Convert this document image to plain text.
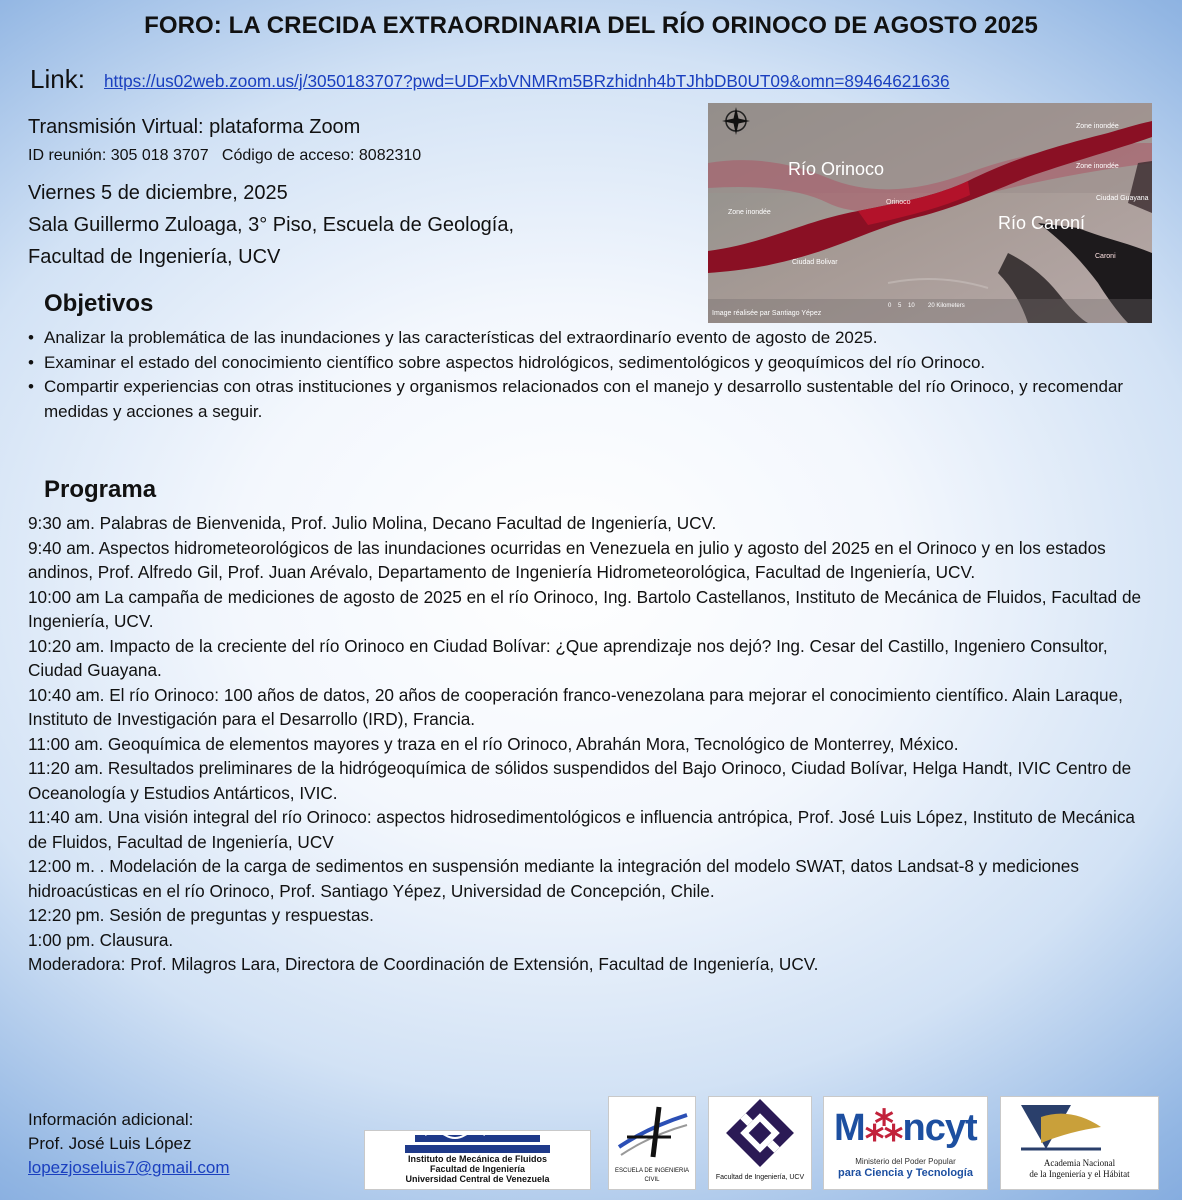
FORO: LA CRECIDA EXTRAORDINARIA DEL RÍO ORINOCO DE AGOSTO 2025
Link: https://us02web.zoom.us/j/3050183707?pwd=UDFxbVNMRm5BRzhidnh4bTJhbDB0UT09&omn=89464621636
Transmisión Virtual: plataforma Zoom
ID reunión: 305 018 3707   Código de acceso: 8082310
Viernes 5 de diciembre, 2025
Sala Guillermo Zuloaga, 3° Piso, Escuela de Geología,
Facultad de Ingeniería, UCV
Río Orinoco
Río Caroní
Zone inondée
Zone inondée
Zone inondée
Orinoco
Caroni
Ciudad Bolivar
Ciudad Guayana
Image réalisée par Santiago Yépez
0    5    10        20 Kilometers
Objetivos
• Analizar la problemática de las inundaciones y las características del extraordinarío evento de agosto de 2025.
• Examinar el estado del conocimiento científico sobre aspectos hidrológicos, sedimentológicos y geoquímicos del río Orinoco.
• Compartir experiencias con otras instituciones y organismos relacionados con el manejo y desarrollo sustentable del río Orinoco, y recomendar medidas y acciones a seguir.
Programa
9:30 am. Palabras de Bienvenida, Prof. Julio Molina, Decano Facultad de Ingeniería, UCV.
9:40 am. Aspectos hidrometeorológicos de las inundaciones ocurridas en Venezuela en julio y agosto del 2025 en el Orinoco y en los estados andinos, Prof. Alfredo Gil, Prof. Juan Arévalo, Departamento de Ingeniería Hidrometeorológica, Facultad de Ingeniería, UCV.
10:00 am La campaña de mediciones de agosto de 2025 en el río Orinoco, Ing. Bartolo Castellanos, Instituto de Mecánica de Fluidos, Facultad de Ingeniería, UCV.
10:20 am. Impacto de la creciente del río Orinoco en Ciudad Bolívar: ¿Que aprendizaje nos dejó? Ing. Cesar del Castillo, Ingeniero Consultor, Ciudad Guayana.
10:40 am. El río Orinoco: 100 años de datos, 20 años de cooperación franco-venezolana para mejorar el conocimiento científico. Alain Laraque, Instituto de Investigación para el Desarrollo (IRD), Francia.
11:00 am. Geoquímica de elementos mayores y traza en el río Orinoco, Abrahán Mora, Tecnológico de Monterrey, México.
11:20 am. Resultados preliminares de la hidrógeoquímica de sólidos suspendidos del Bajo Orinoco, Ciudad Bolívar, Helga Handt, IVIC Centro de Oceanología y Estudios Antárticos, IVIC.
11:40 am. Una visión integral del río Orinoco: aspectos hidrosedimentológicos e influencia antrópica, Prof. José Luis López, Instituto de Mecánica de Fluidos, Facultad de Ingeniería, UCV
12:00 m. . Modelación de la carga de sedimentos en suspensión mediante la integración del modelo SWAT, datos Landsat-8 y mediciones hidroacústicas en el río Orinoco, Prof. Santiago Yépez, Universidad de Concepción, Chile.
12:20 pm. Sesión de preguntas y respuestas.
1:00 pm. Clausura.
Moderadora: Prof. Milagros Lara, Directora de Coordinación de Extensión, Facultad de Ingeniería, UCV.
Información adicional:
Prof. José Luis López
lopezjoseluis7@gmail.com	Instituto de Mecánica de Fluidos
Facultad de Ingeniería
Universidad Central de Venezuela
ESCUELA DE INGENIERIA CIVIL	Facultad de Ingeniería, UCV
M⁂ncyt
Ministerio del Poder Popular
para Ciencia y Tecnología
Academia Nacional
de la Ingeniería y el Hábitat
